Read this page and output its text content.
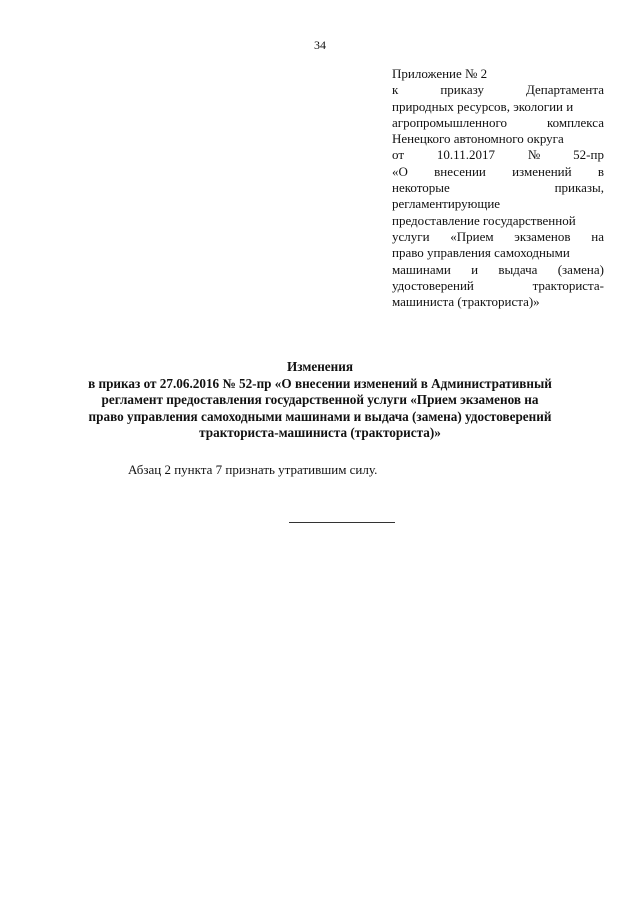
34
Приложение № 2
к	приказу	Департамента
природных ресурсов, экологии и
агропромышленного	комплекса
Ненецкого автономного округа
от	10.11.2017	№	52-пр
«О внесении изменений в
некоторые	приказы,
регламентирующие
предоставление государственной
услуги «Прием экзаменов на
право управления самоходными
машинами и выдача (замена)
удостоверений	тракториста-
машиниста (тракториста)»
Изменения
в приказ от 27.06.2016 № 52-пр «О внесении изменений в Административный
регламент предоставления государственной услуги «Прием экзаменов на
право управления самоходными машинами и выдача (замена) удостоверений
тракториста-машиниста (тракториста)»
Абзац 2 пункта 7 признать утратившим силу.
